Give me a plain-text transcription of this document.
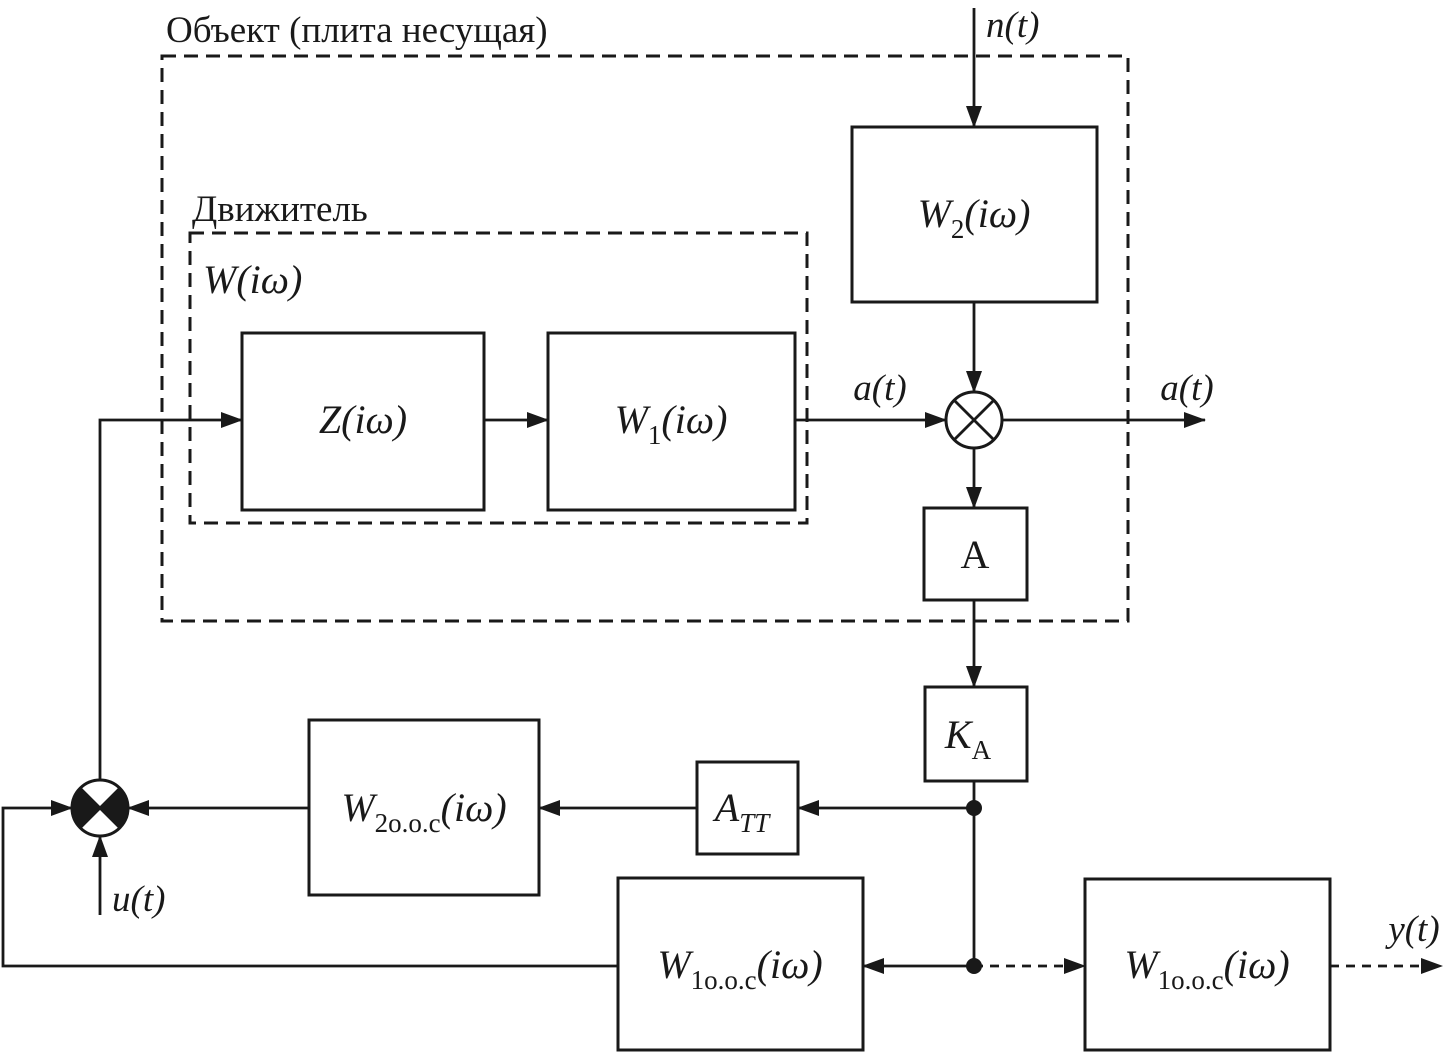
Z(iω)	W1(iω)
W2(iω)
A
KA
ATT
W2о.о.с(iω)
W1о.о.с(iω)	W1о.о.с(iω)
Объект (плита несущая)
Движитель
W(iω)
n(t)
a(t)	a(t)
u(t)
y(t)
